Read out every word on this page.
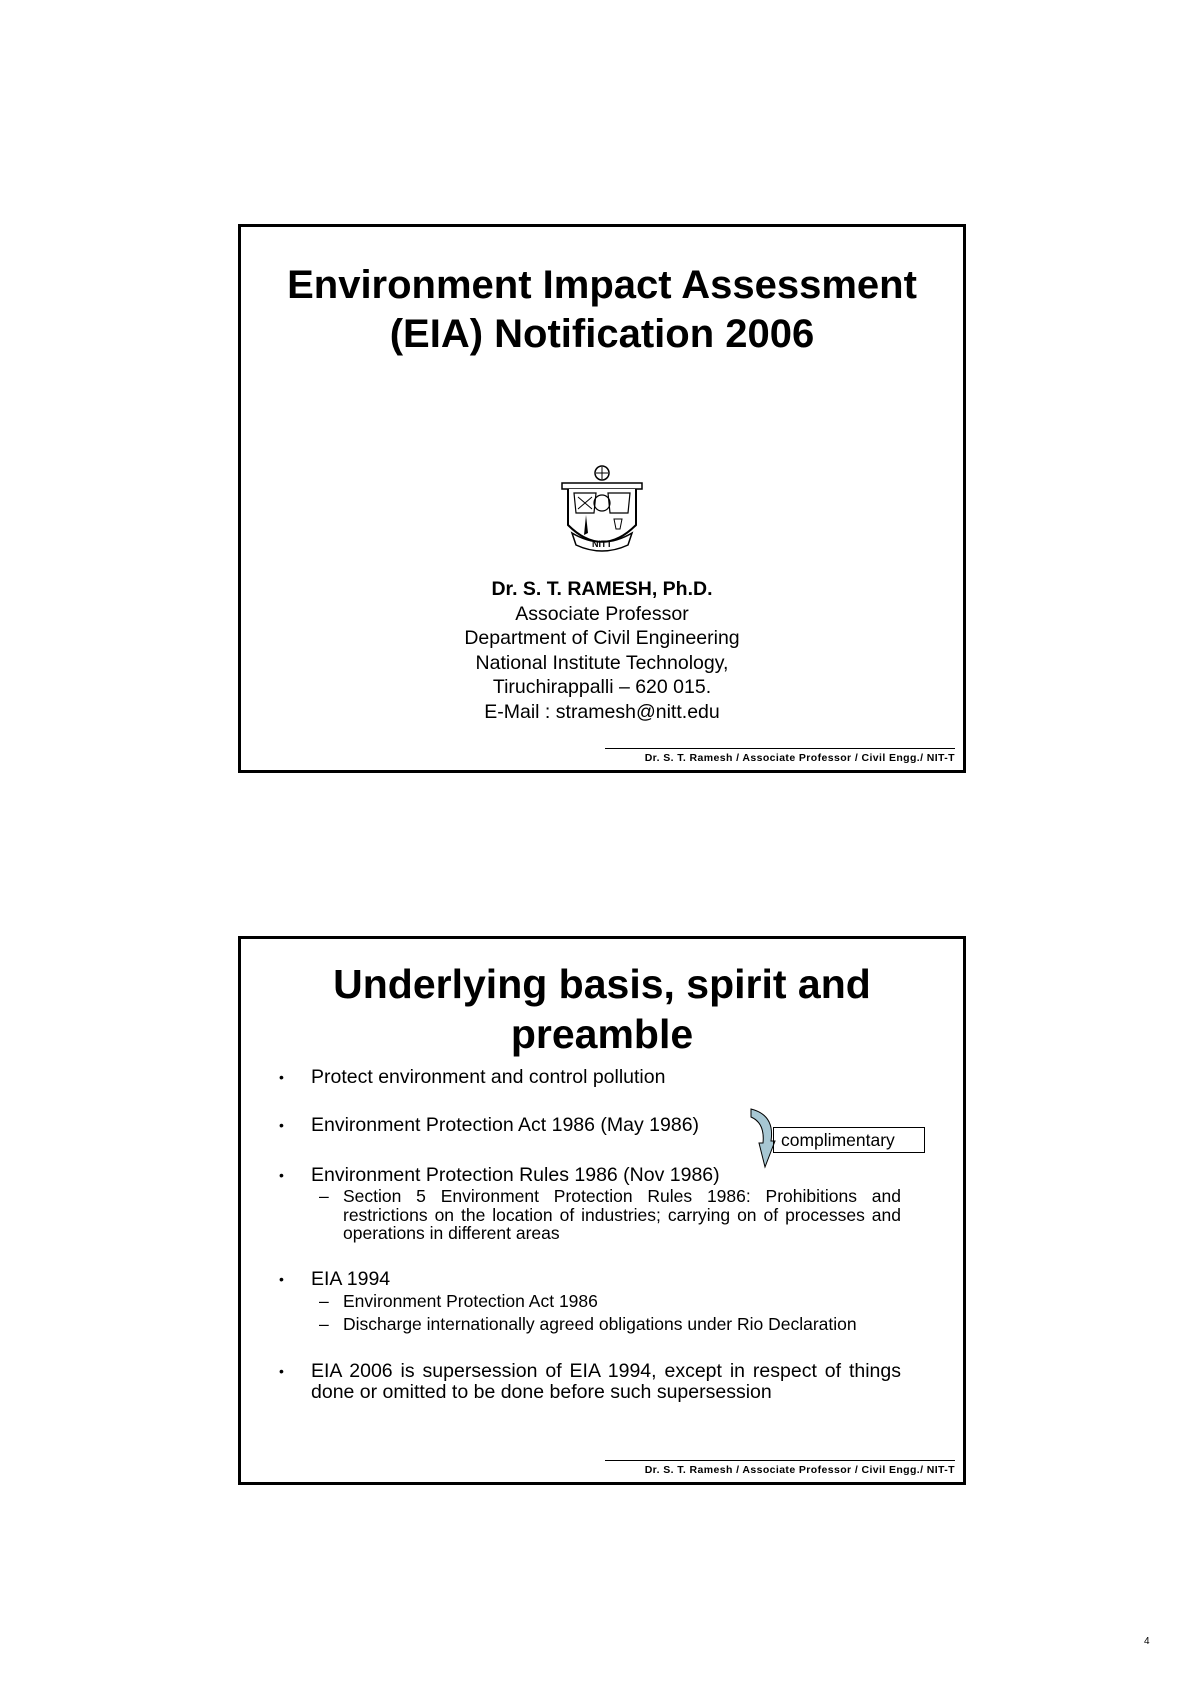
Environment Impact Assessment
(EIA) Notification 2006
NITT
Dr. S. T. RAMESH, Ph.D.
Associate Professor
Department of Civil Engineering
National Institute Technology,
Tiruchirappalli – 620 015.
E-Mail : stramesh@nitt.edu
Dr. S. T. Ramesh / Associate Professor / Civil Engg./ NIT-T
Underlying basis, spirit and
preamble
• Protect environment and control pollution
• Environment Protection Act 1986 (May 1986)
• Environment Protection Rules 1986 (Nov 1986)
– Section 5 Environment Protection Rules 1986: Prohibitions and restrictions on the location of industries; carrying on of processes and operations in different areas
• EIA 1994
– Environment Protection Act 1986
– Discharge internationally agreed obligations under Rio Declaration
• EIA 2006 is supersession of EIA 1994, except in respect of things done or omitted to be done before such supersession
complimentary
Dr. S. T. Ramesh / Associate Professor / Civil Engg./ NIT-T
4
